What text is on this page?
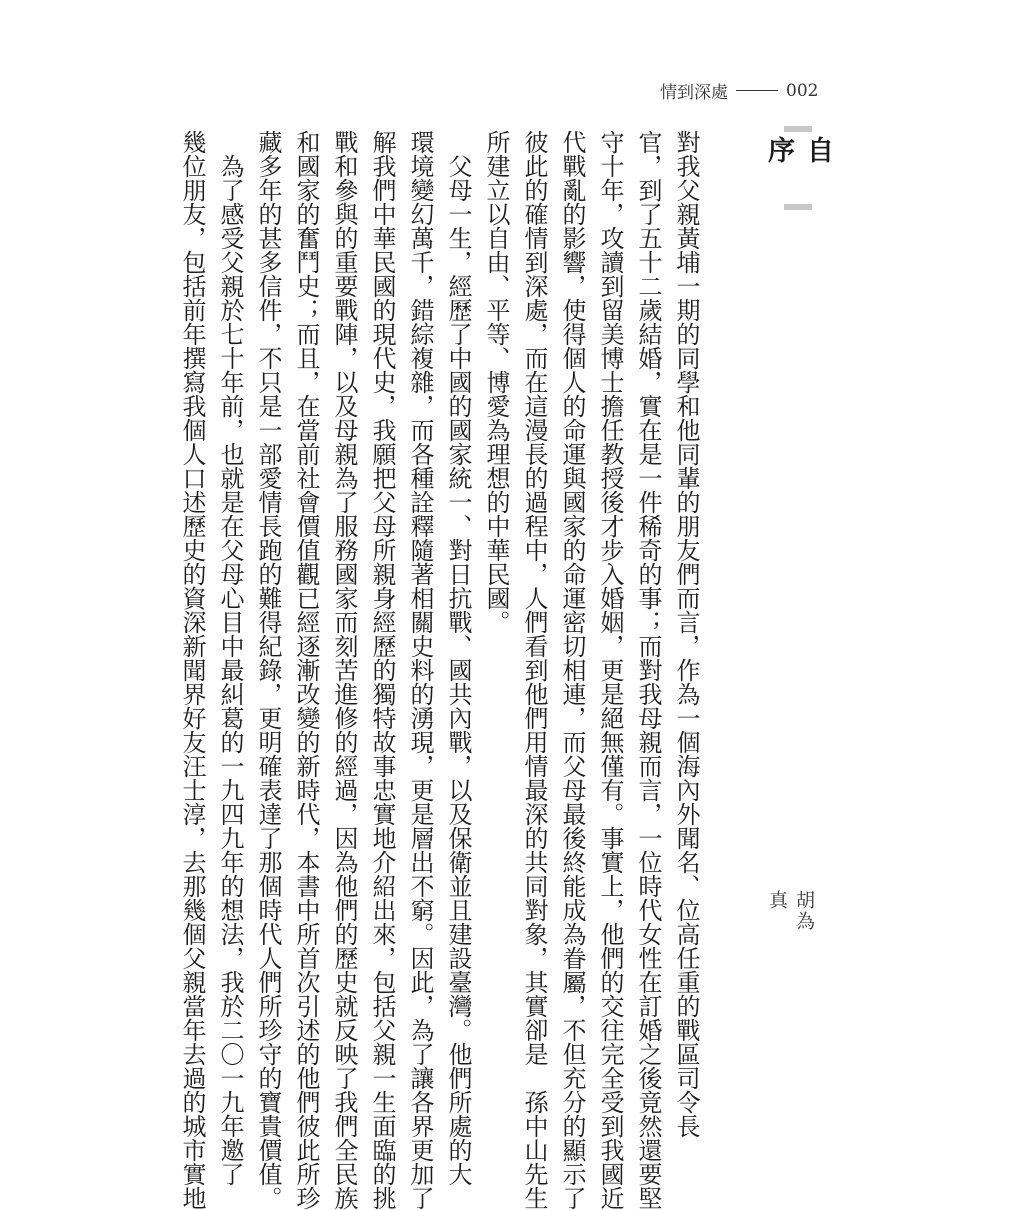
情到深處	002
自序
對我父親黃埔一期的同學和他同輩的朋友們而言，作為一個海內外聞名、位高任重的戰區司令長
官，到了五十二歲結婚，實在是一件稀奇的事；而對我母親而言，一位時代女性在訂婚之後竟然還要堅
守十年，攻讀到留美博士擔任教授後才步入婚姻，更是絕無僅有。事實上，他們的交往完全受到我國近
代戰亂的影響，使得個人的命運與國家的命運密切相連，而父母最後終能成為眷屬，不但充分的顯示了
彼此的確情到深處，而在這漫長的過程中，人們看到他們用情最深的共同對象，其實卻是　孫中山先生
所建立以自由、平等、博愛為理想的中華民國。
　父母一生，經歷了中國的國家統一、對日抗戰、國共內戰，以及保衛並且建設臺灣。他們所處的大
環境變幻萬千，錯綜複雜，而各種詮釋隨著相關史料的湧現，更是層出不窮。因此，為了讓各界更加了
解我們中華民國的現代史，我願把父母所親身經歷的獨特故事忠實地介紹出來，包括父親一生面臨的挑
戰和參與的重要戰陣，以及母親為了服務國家而刻苦進修的經過，因為他們的歷史就反映了我們全民族
和國家的奮鬥史；而且，在當前社會價值觀已經逐漸改變的新時代，本書中所首次引述的他們彼此所珍
藏多年的甚多信件，不只是一部愛情長跑的難得紀錄，更明確表達了那個時代人們所珍守的寶貴價值。
　為了感受父親於七十年前，也就是在父母心目中最糾葛的一九四九年的想法，我於二〇一九年邀了
幾位朋友，包括前年撰寫我個人口述歷史的資深新聞界好友汪士淳，去那幾個父親當年去過的城市實地	胡為真
